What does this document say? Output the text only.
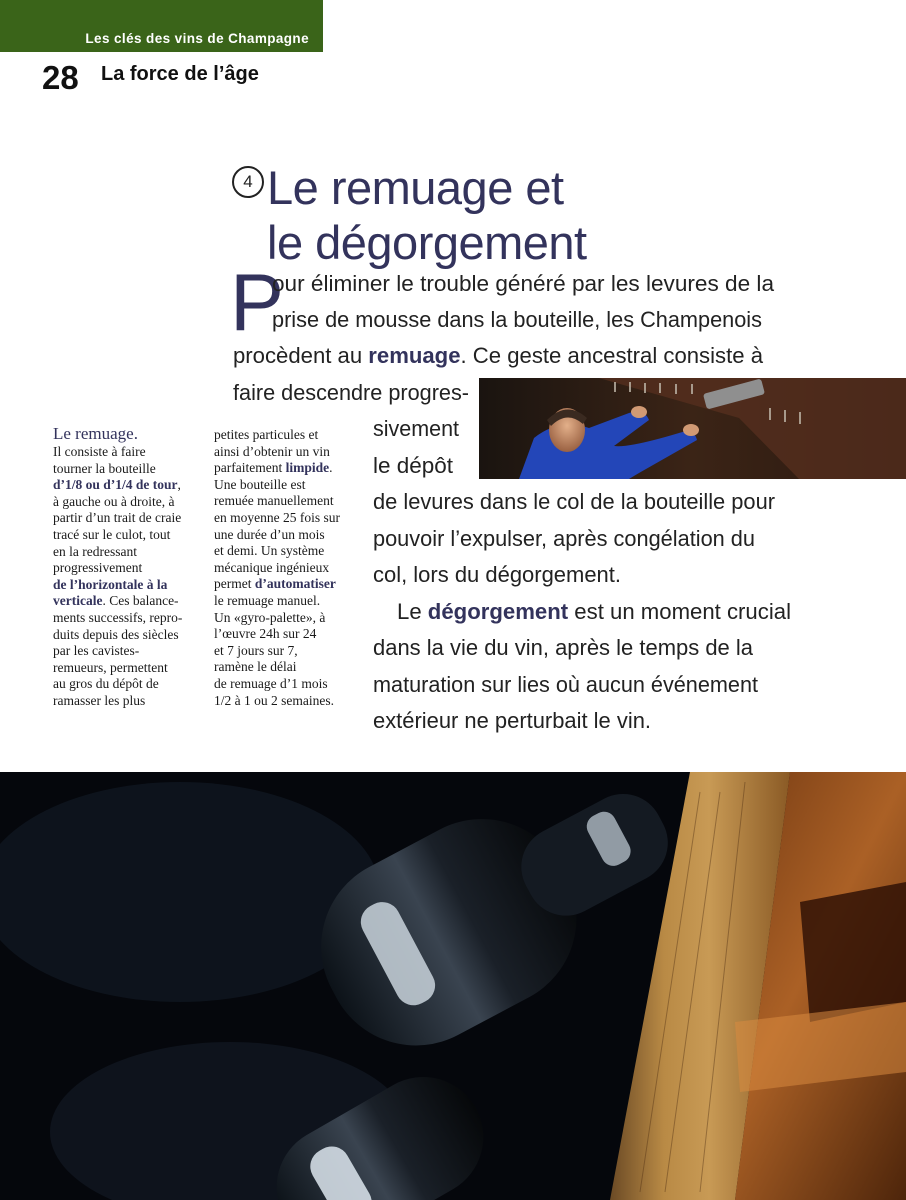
Les clés des vins de Champagne
28 La force de l’âge
4 Le remuage et
le dégorgement
P
our éliminer le trouble généré par les levures de la
prise de mousse dans la bouteille, les Champenois
procèdent au remuage. Ce geste ancestral consiste à
faire descendre progres-
sivement
le dépôt
de levures dans le col de la bouteille pour
pouvoir l’expulser, après congélation du
col, lors du dégorgement.
Le dégorgement est un moment crucial
dans la vie du vin, après le temps de la
maturation sur lies où aucun événement
extérieur ne perturbait le vin.
Le remuage.
Il consiste à faire
tourner la bouteille
d’1/8 ou d’1/4 de tour,
à gauche ou à droite, à
partir d’un trait de craie
tracé sur le culot, tout
en la redressant
progressivement
de l’horizontale à la
verticale. Ces balance-
ments successifs, repro-
duits depuis des siècles
par les cavistes-
remueurs, permettent
au gros du dépôt de
ramasser les plus
petites particules et
ainsi d’obtenir un vin
parfaitement limpide.
Une bouteille est
remuée manuellement
en moyenne 25 fois sur
une durée d’un mois
et demi. Un système
mécanique ingénieux
permet d’automatiser
le remuage manuel.
Un «gyro-palette», à
l’œuvre 24h sur 24
et 7 jours sur 7,
ramène le délai
de remuage d’1 mois
1/2 à 1 ou 2 semaines.
